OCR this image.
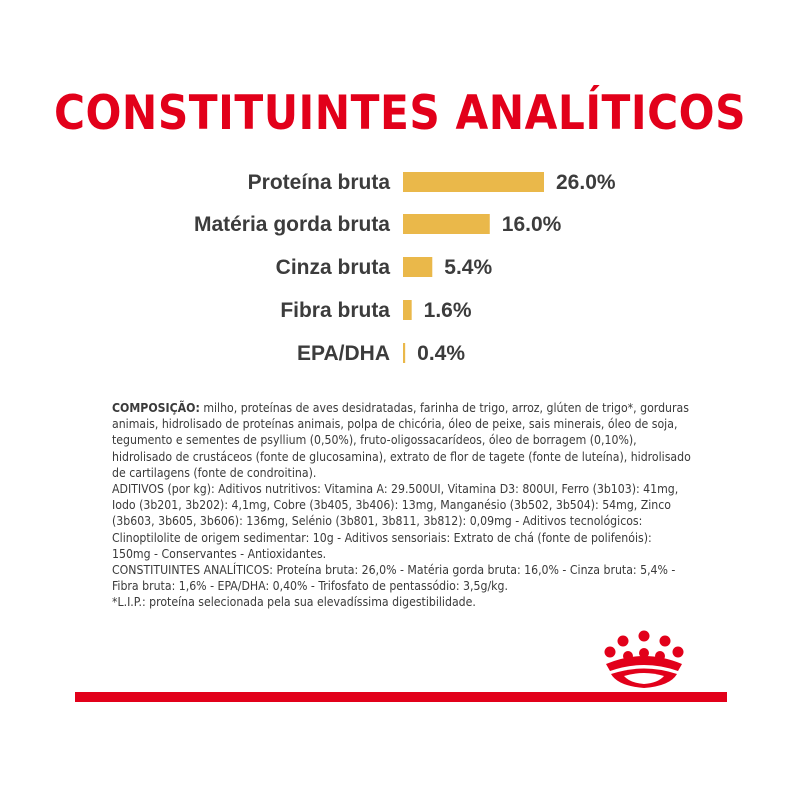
CONSTITUINTES ANALÍTICOS
Proteína bruta	26.0%
Matéria gorda bruta	16.0%
Cinza bruta	5.4%
Fibra bruta 1.6%
EPA/DHA 0.4%

COMPOSIÇÃO: milho, proteínas de aves desidratadas, farinha de trigo, arroz, glúten de trigo*, gorduras animais, hidrolisado de proteínas animais, polpa de chicória, óleo de peixe, sais minerais, óleo de soja, tegumento e sementes de psyllium (0,50%), fruto-oligossacarídeos, óleo de borragem (0,10%), hidrolisado de crustáceos (fonte de glucosamina), extrato de flor de tagete (fonte de luteína), hidrolisado de cartilagens (fonte de condroitina).

ADITIVOS (por kg): Aditivos nutritivos: Vitamina A: 29.500UI, Vitamina D3: 800UI, Ferro (3b103): 41mg, Iodo (3b201, 3b202): 4,1mg, Cobre (3b405, 3b406): 13mg, Manganésio (3b502, 3b504): 54mg, Zinco (3b603, 3b605, 3b606): 136mg, Selénio (3b801, 3b811, 3b812): 0,09mg - Aditivos tecnológicos: Clinoptilolite de origem sedimentar: 10g - Aditivos sensoriais: Extrato de chá (fonte de polifenóis): 150mg - Conservantes - Antioxidantes.

CONSTITUINTES ANALÍTICOS: Proteína bruta: 26,0% - Matéria gorda bruta: 16,0% - Cinza bruta: 5,4% - Fibra bruta: 1,6% - EPA/DHA: 0,40% - Trifosfato de pentassódio: 3,5g/kg.

*L.I.P.: proteína selecionada pela sua elevadíssima digestibilidade.
